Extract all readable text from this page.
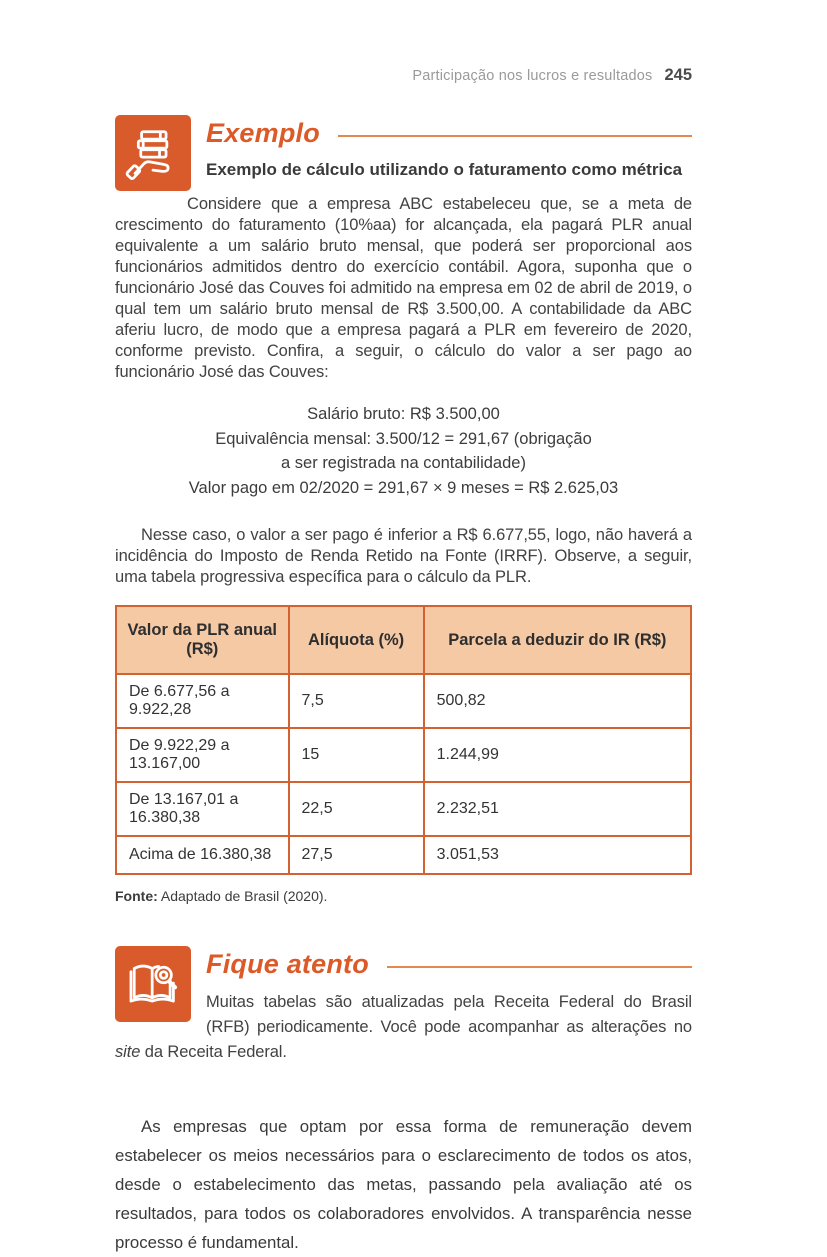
Participação nos lucros e resultados 245
Exemplo
Exemplo de cálculo utilizando o faturamento como métrica

Considere que a empresa ABC estabeleceu que, se a meta de crescimento do faturamento (10%aa) for alcançada, ela pagará PLR anual equivalente a um salário bruto mensal, que poderá ser proporcional aos funcionários admitidos dentro do exercício contábil. Agora, suponha que o funcionário José das Couves foi admitido na empresa em 02 de abril de 2019, o qual tem um salário bruto mensal de R$ 3.500,00. A contabilidade da ABC aferiu lucro, de modo que a empresa pagará a PLR em fevereiro de 2020, conforme previsto. Confira, a seguir, o cálculo do valor a ser pago ao funcionário José das Couves:

Salário bruto: R$ 3.500,00
Equivalência mensal: 3.500/12 = 291,67 (obrigação
a ser registrada na contabilidade)
Valor pago em 02/2020 = 291,67 × 9 meses = R$ 2.625,03

Nesse caso, o valor a ser pago é inferior a R$ 6.677,55, logo, não haverá a incidência do Imposto de Renda Retido na Fonte (IRRF). Observe, a seguir, uma tabela progressiva específica para o cálculo da PLR.

Valor da PLR anual (R$)	Alíquota (%)	Parcela a deduzir do IR (R$)
De 6.677,56 a 9.922,28	7,5	500,82
De 9.922,29 a 13.167,00	15	1.244,99
De 13.167,01 a 16.380,38	22,5	2.232,51
Acima de 16.380,38	27,5	3.051,53
Fonte: Adaptado de Brasil (2020).
Fique atento

Muitas tabelas são atualizadas pela Receita Federal do Brasil (RFB) periodicamente. Você pode acompanhar as alterações no site da Receita Federal.

As empresas que optam por essa forma de remuneração devem estabelecer os meios necessários para o esclarecimento de todos os atos, desde o estabelecimento das metas, passando pela avaliação até os resultados, para todos os colaboradores envolvidos. A transparência nesse processo é fundamental.
